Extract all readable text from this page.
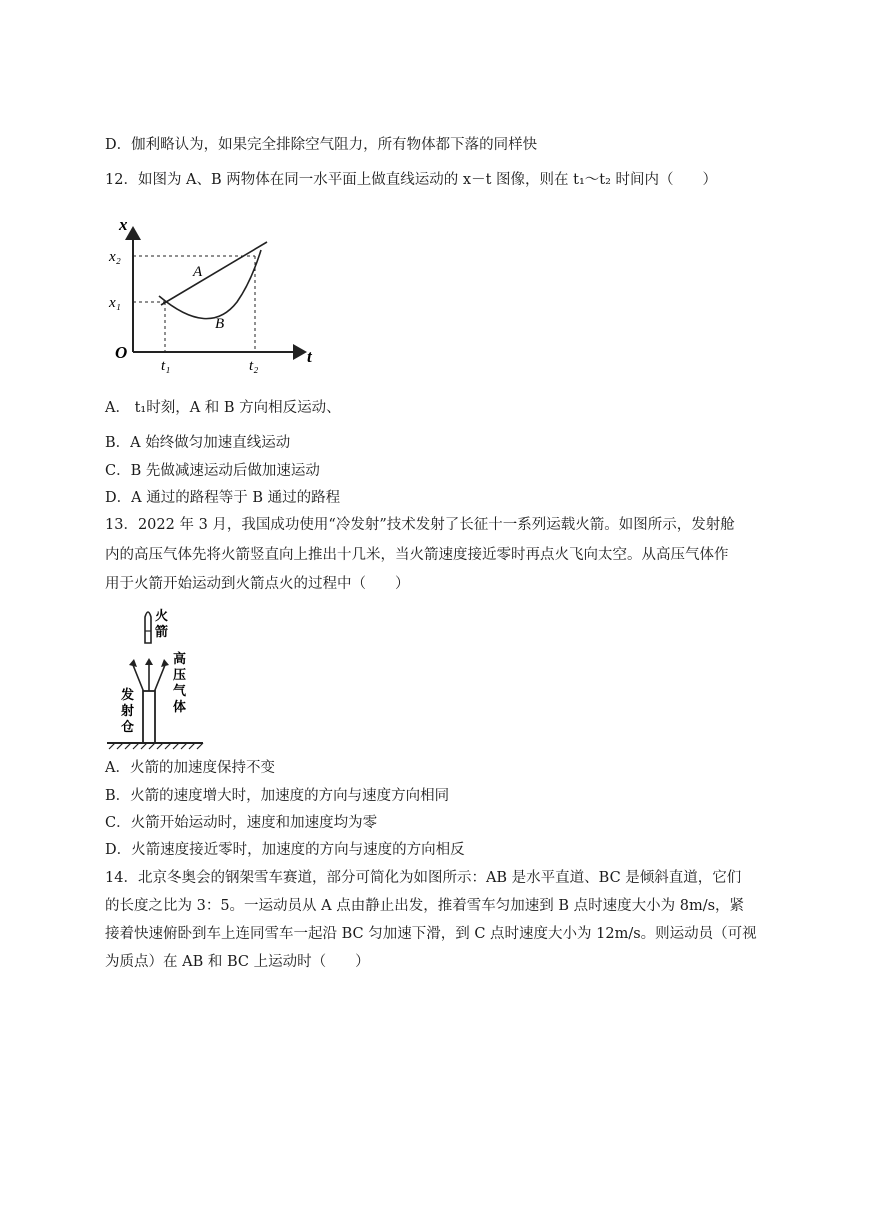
D．伽利略认为，如果完全排除空气阻力，所有物体都下落的同样快
12．如图为 A、B 两物体在同一水平面上做直线运动的 x－t 图像，则在 t₁～t₂ 时间内（　　）
x
t
O
x₂
x₁
t₁	t₂
A
B
A． t₁时刻，A 和 B 方向相反运动、
B．A 始终做匀加速直线运动
C．B 先做减速运动后做加速运动
D．A 通过的路程等于 B 通过的路程
13．2022 年 3 月，我国成功使用“冷发射”技术发射了长征十一系列运载火箭。如图所示，发射舱
内的高压气体先将火箭竖直向上推出十几米，当火箭速度接近零时再点火飞向太空。从高压气体作
用于火箭开始运动到火箭点火的过程中（　　）
火
箭
高
压
气
体
发
射
仓
A．火箭的加速度保持不变
B．火箭的速度增大时，加速度的方向与速度方向相同
C．火箭开始运动时，速度和加速度均为零
D．火箭速度接近零时，加速度的方向与速度的方向相反
14．北京冬奥会的钢架雪车赛道，部分可简化为如图所示：AB 是水平直道、BC 是倾斜直道，它们
的长度之比为 3：5。一运动员从 A 点由静止出发，推着雪车匀加速到 B 点时速度大小为 8m/s，紧
接着快速俯卧到车上连同雪车一起沿 BC 匀加速下滑，到 C 点时速度大小为 12m/s。则运动员（可视
为质点）在 AB 和 BC 上运动时（　　）
